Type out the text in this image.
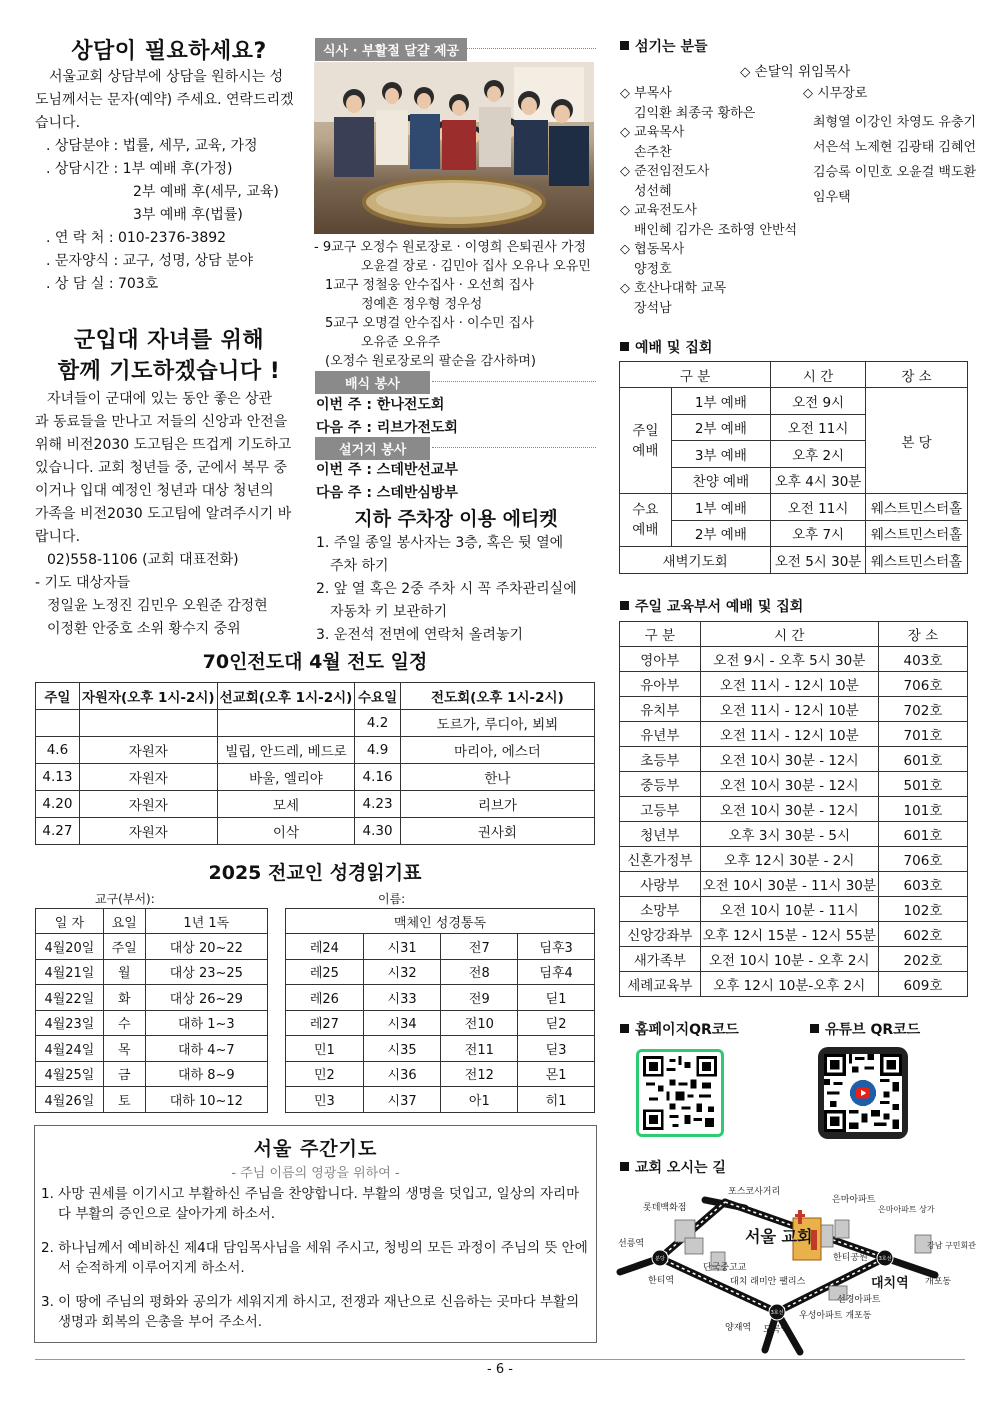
상담이 필요하세요?
서울교회 상담부에 상담을 원하시는 성
도님께서는 문자(예약) 주세요. 연락드리겠
습니다.
. 상담분야 : 법률, 세무, 교육, 가정
. 상담시간 : 1부 예배 후(가정)
2부 예배 후(세무, 교육)
3부 예배 후(법률)
. 연 락 처 : 010-2376-3892
. 문자양식 : 교구, 성명, 상담 분야
. 상 담 실 : 703호
군입대 자녀를 위해
함께 기도하겠습니다 !
자녀들이 군대에 있는 동안 좋은 상관
과 동료들을 만나고 저들의 신앙과 안전을
위해 비전2030 도고팀은 뜨겁게 기도하고
있습니다. 교회 청년들 중, 군에서 복무 중
이거나 입대 예정인 청년과 대상 청년의
가족을 비전2030 도고팀에 알려주시기 바
랍니다.
02)558-1106 (교회 대표전화)
- 기도 대상자들
정일윤 노정진 김민우 오원준 감정현
이정환 안중호 소위 황수지 중위
식사 · 부활절 달걀 제공
- 9교구 오정수 원로장로 · 이영희 은퇴권사 가정
오윤걸 장로 · 김민아 집사 오유나 오유민
1교구 정철웅 안수집사 · 오선희 집사
정예흔 정우형 정우성
5교구 오명걸 안수집사 · 이수민 집사
오유준 오유주
(오정수 원로장로의 팔순을 감사하며)
배식 봉사
이번 주 : 한나전도회
다음 주 : 리브가전도회
설거지 봉사
이번 주 : 스데반선교부
다음 주 : 스데반심방부
지하 주차장 이용 에티켓
1. 주일 종일 봉사자는 3층, 혹은 뒷 열에
주차 하기
2. 앞 열 혹은 2중 주차 시 꼭 주차관리실에
자동차 키 보관하기
3. 운전석 전면에 연락처 올려놓기
70인전도대 4월 전도 일정
주일	자원자(오후 1시-2시)	선교회(오후 1시-2시)	수요일	전도회(오후 1시-2시)
			4.2	도르가, 루디아, 뵈뵈
4.6	자원자	빌립, 안드레, 베드로	4.9	마리아, 에스더
4.13	자원자	바울, 엘리야	4.16	한나
4.20	자원자	모세	4.23	리브가
4.27	자원자	이삭	4.30	권사회
2025 전교인 성경읽기표
교구(부서):	이름:
일 자	요일	1년 1독
4월20일	주일	대상 20~22
4월21일	월	대상 23~25
4월22일	화	대상 26~29
4월23일	수	대하 1~3
4월24일	목	대하 4~7
4월25일	금	대하 8~9
4월26일	토	대하 10~12
맥체인 성경통독			
레24	시31	전7	딤후3
레25	시32	전8	딤후4
레26	시33	전9	딛1
레27	시34	전10	딛2
민1	시35	전11	딛3
민2	시36	전12	몬1
민3	시37	아1	히1
서울 주간기도
- 주님 이름의 영광을 위하여 -
1. 사망 권세를 이기시고 부활하신 주님을 찬양합니다. 부활의 생명을 덧입고, 일상의 자리마
다 부활의 증인으로 살아가게 하소서.
2. 하나님께서 예비하신 제4대 담임목사님을 세워 주시고, 청빙의 모든 과정이 주님의 뜻 안에
서 순적하게 이루어지게 하소서.
3. 이 땅에 주님의 평화와 공의가 세워지게 하시고, 전쟁과 재난으로 신음하는 곳마다 부활의
생명과 회복의 은총을 부어 주소서.
섬기는 분들
◇ 손달익 위임목사
◇ 부목사
김익환 최종국 황하은
◇ 교육목사
손주찬
◇ 준전임전도사
성선혜
◇ 교육전도사
배인혜 김가은 조하영 안반석
◇ 협동목사
양정호
◇ 호산나대학 교목
장석남
◇ 시무장로
최형열 이강인 차영도 유충기
서은석 노제현 김광태 김혜언
김승록 이민호 오윤걸 백도환
임우택
예배 및 집회
구 분		시 간	장 소

주일
예배	1부 예배	오전 9시	본 당
	2부 예배	오전 11시	
	3부 예배	오후 2시	
	찬양 예배	오후 4시 30분	

수요
예배	1부 예배	오전 11시	웨스트민스터홀
	2부 예배	오후 7시	웨스트민스터홀
새벽기도회		오전 5시 30분	웨스트민스터홀
주일 교육부서 예배 및 집회
구 분	시 간	장 소
영아부	오전 9시 - 오후 5시 30분	403호
유아부	오전 11시 - 12시 10분	706호
유치부	오전 11시 - 12시 10분	702호
유년부	오전 11시 - 12시 10분	701호
초등부	오전 10시 30분 - 12시	601호
중등부	오전 10시 30분 - 12시	501호
고등부	오전 10시 30분 - 12시	101호
청년부	오후 3시 30분 - 5시	601호
신혼가정부	오후 12시 30분 - 2시	706호
사랑부	오전 10시 30분 - 11시 30분	603호
소망부	오전 10시 10분 - 11시	102호
신앙강좌부	오후 12시 15분 - 12시 55분	602호
새가족부	오전 10시 10분 - 오후 2시	202호
세례교육부	오후 12시 10분-오후 2시	609호
홈페이지QR코드	유튜브 QR코드
교회 오시는 길
분당	3호선
3호선
포스코사거리
롯데백화점
은마아파트
은마아파트 상가
선릉역
한티역
단국중고교
대치 래미안 팰리스
한티공원
강남 구민회관
개포동
선경아파트
우성아파트 개포동
양재역 도곡역
서울 교회
대치역
- 6 -
